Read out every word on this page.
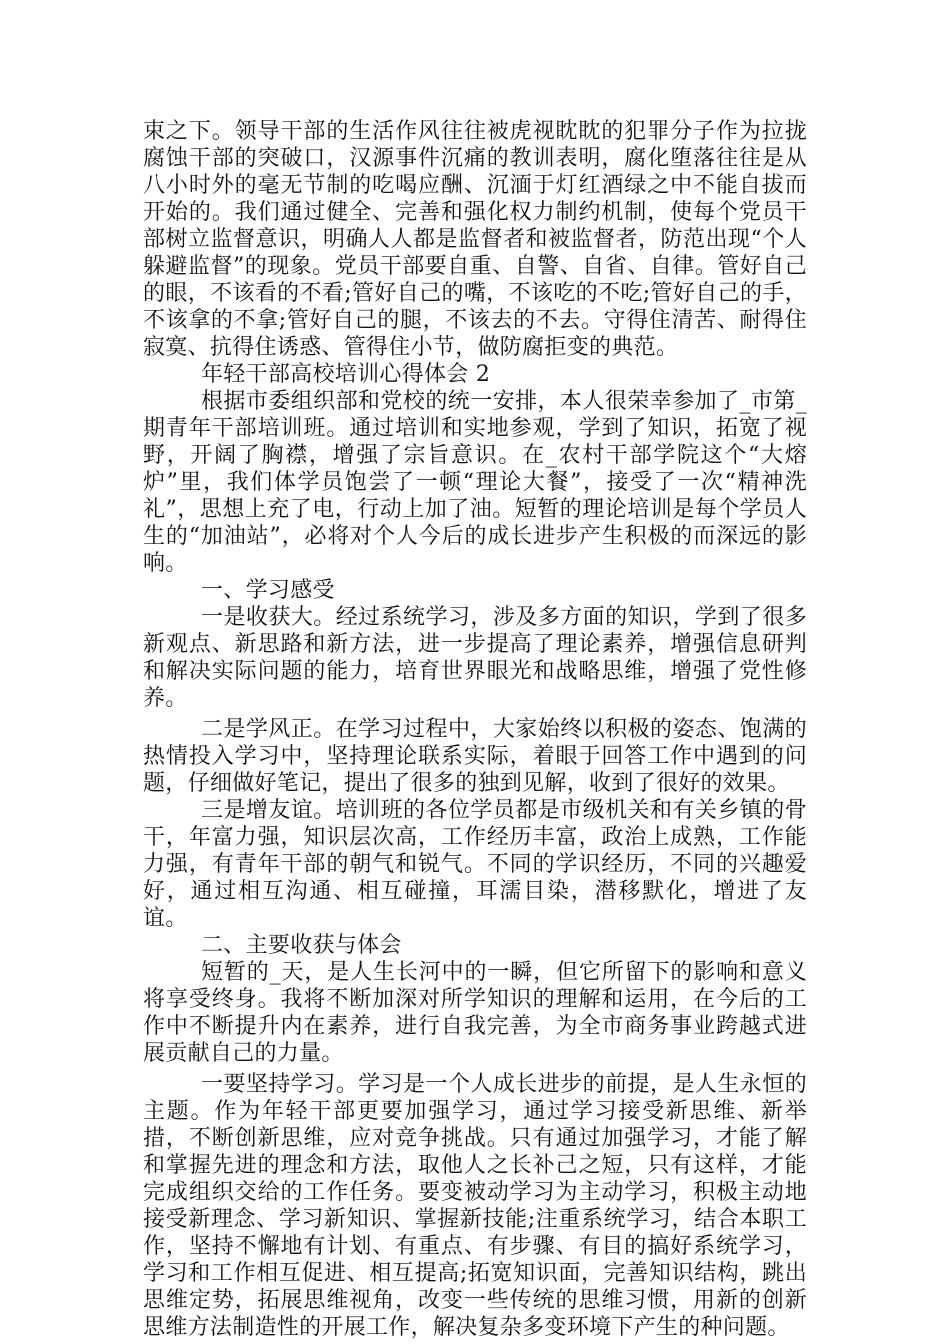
束之下。领导干部的生活作风往往被虎视眈眈的犯罪分子作为拉拢腐蚀干部的突破口，汉源事件沉痛的教训表明，腐化堕落往往是从八小时外的毫无节制的吃喝应酬、沉湎于灯红酒绿之中不能自拔而开始的。我们通过健全、完善和强化权力制约机制，使每个党员干部树立监督意识，明确人人都是监督者和被监督者，防范出现“个人躲避监督”的现象。党员干部要自重、自警、自省、自律。管好自己的眼，不该看的不看;管好自己的嘴，不该吃的不吃;管好自己的手，不该拿的不拿;管好自己的腿，不该去的不去。守得住清苦、耐得住寂寞、抗得住诱惑、管得住小节，做防腐拒变的典范。

年轻干部高校培训心得体会 2

根据市委组织部和党校的统一安排，本人很荣幸参加了_市第_期青年干部培训班。通过培训和实地参观，学到了知识，拓宽了视野，开阔了胸襟，增强了宗旨意识。在_农村干部学院这个“大熔炉”里，我们体学员饱尝了一顿“理论大餐”，接受了一次“精神洗礼”，思想上充了电，行动上加了油。短暂的理论培训是每个学员人生的“加油站”，必将对个人今后的成长进步产生积极的而深远的影响。

一、学习感受

一是收获大。经过系统学习，涉及多方面的知识，学到了很多新观点、新思路和新方法，进一步提高了理论素养，增强信息研判和解决实际问题的能力，培育世界眼光和战略思维，增强了党性修养。

二是学风正。在学习过程中，大家始终以积极的姿态、饱满的热情投入学习中，坚持理论联系实际，着眼于回答工作中遇到的问题，仔细做好笔记，提出了很多的独到见解，收到了很好的效果。

三是增友谊。培训班的各位学员都是市级机关和有关乡镇的骨干，年富力强，知识层次高，工作经历丰富，政治上成熟，工作能力强，有青年干部的朝气和锐气。不同的学识经历，不同的兴趣爱好，通过相互沟通、相互碰撞，耳濡目染，潜移默化，增进了友谊。

二、主要收获与体会

短暂的_天，是人生长河中的一瞬，但它所留下的影响和意义将享受终身。我将不断加深对所学知识的理解和运用，在今后的工作中不断提升内在素养，进行自我完善，为全市商务事业跨越式进展贡献自己的力量。

一要坚持学习。学习是一个人成长进步的前提，是人生永恒的主题。作为年轻干部更要加强学习，通过学习接受新思维、新举措，不断创新思维，应对竞争挑战。只有通过加强学习，才能了解和掌握先进的理念和方法，取他人之长补己之短，只有这样，才能完成组织交给的工作任务。要变被动学习为主动学习，积极主动地接受新理念、学习新知识、掌握新技能;注重系统学习，结合本职工作，坚持不懈地有计划、有重点、有步骤、有目的搞好系统学习，学习和工作相互促进、相互提高;拓宽知识面，完善知识结构，跳出思维定势，拓展思维视角，改变一些传统的思维习惯，用新的创新思维方法制造性的开展工作，解决复杂多变环境下产生的种问题。
